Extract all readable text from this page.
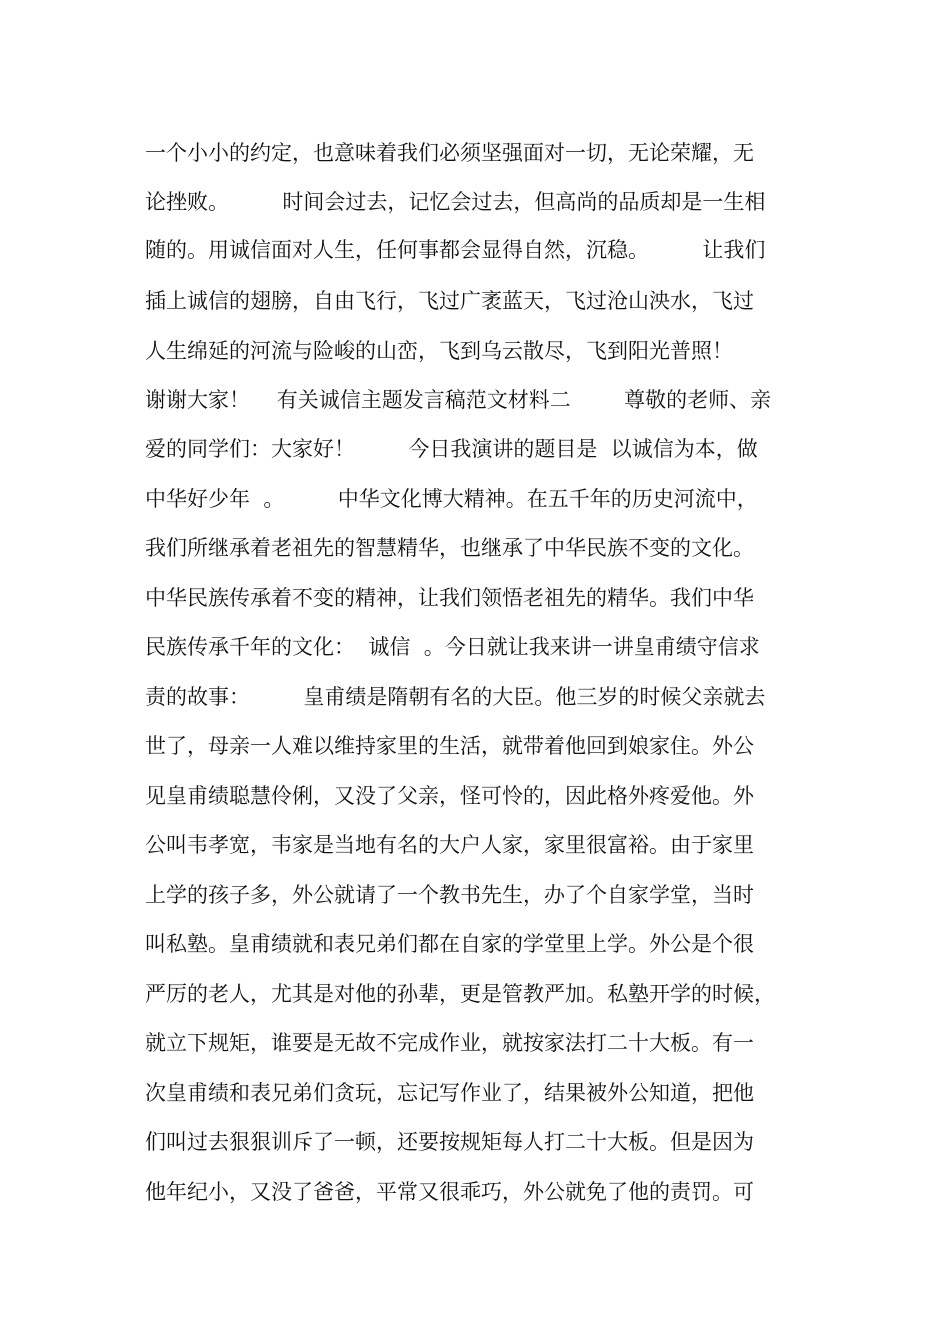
一个小小的约定，也意味着我们必须坚强面对一切，无论荣耀，无
论挫败。        时间会过去，记忆会过去，但高尚的品质却是一生相
随的。用诚信面对人生，任何事都会显得自然，沉稳。        让我们
插上诚信的翅膀，自由飞行，飞过广袤蓝天，飞过沧山泱水，飞过
人生绵延的河流与险峻的山峦，飞到乌云散尽，飞到阳光普照！
谢谢大家！    有关诚信主题发言稿范文材料二        尊敬的老师、亲
爱的同学们：大家好！        今日我演讲的题目是  以诚信为本，做
中华好少年  。        中华文化博大精神。在五千年的历史河流中，
我们所继承着老祖先的智慧精华，也继承了中华民族不变的文化。
中华民族传承着不变的精神，让我们领悟老祖先的精华。我们中华
民族传承千年的文化：  诚信  。今日就让我来讲一讲皇甫绩守信求
责的故事：        皇甫绩是隋朝有名的大臣。他三岁的时候父亲就去
世了，母亲一人难以维持家里的生活，就带着他回到娘家住。外公
见皇甫绩聪慧伶俐，又没了父亲，怪可怜的，因此格外疼爱他。外
公叫韦孝宽，韦家是当地有名的大户人家，家里很富裕。由于家里
上学的孩子多，外公就请了一个教书先生，办了个自家学堂，当时
叫私塾。皇甫绩就和表兄弟们都在自家的学堂里上学。外公是个很
严厉的老人，尤其是对他的孙辈，更是管教严加。私塾开学的时候，
就立下规矩，谁要是无故不完成作业，就按家法打二十大板。有一
次皇甫绩和表兄弟们贪玩，忘记写作业了，结果被外公知道，把他
们叫过去狠狠训斥了一顿，还要按规矩每人打二十大板。但是因为
他年纪小，又没了爸爸，平常又很乖巧，外公就免了他的责罚。可
